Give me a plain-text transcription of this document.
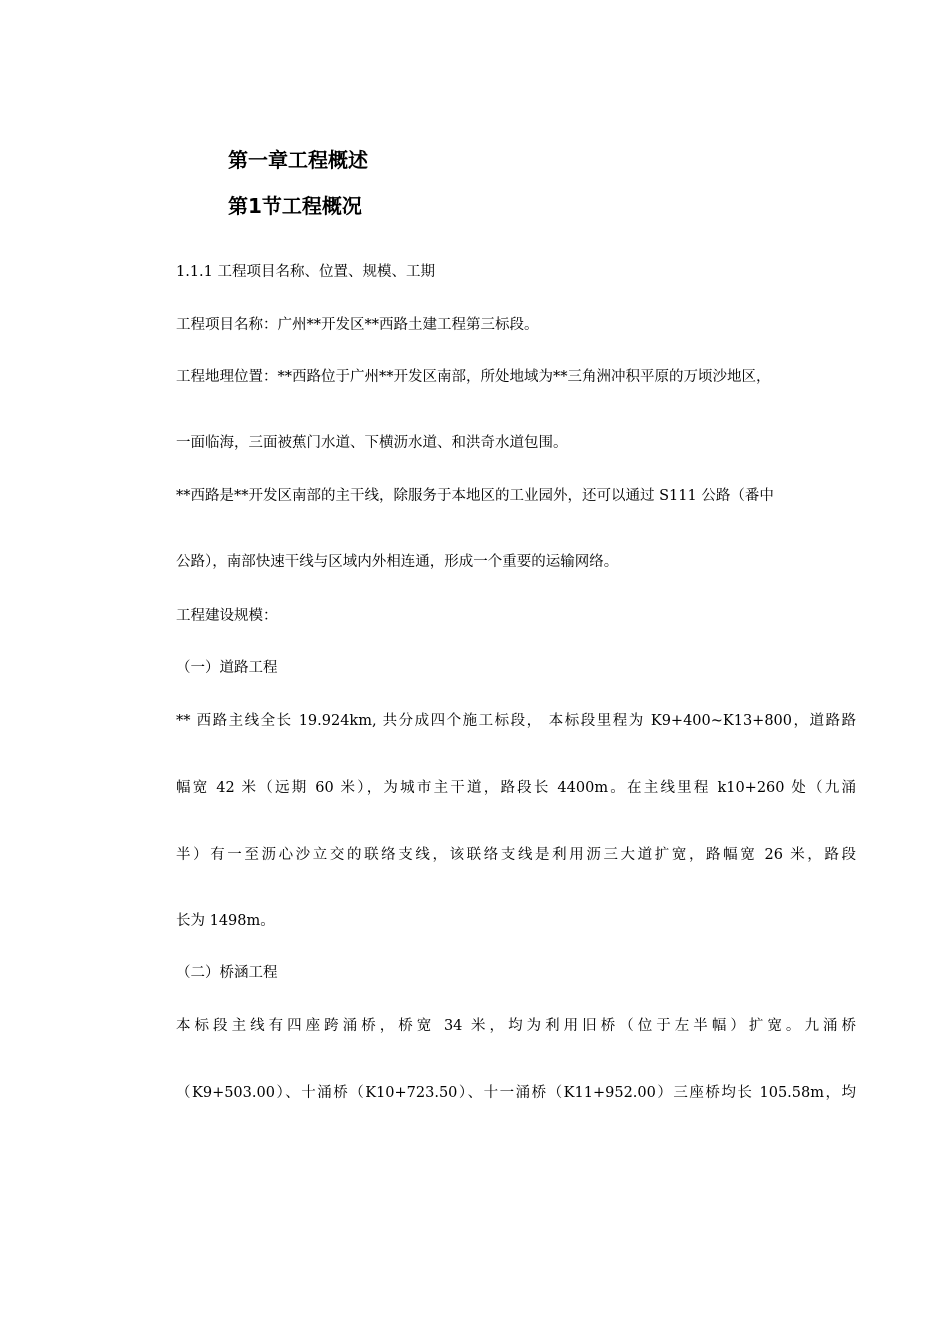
第一章工程概述
第1节工程概况

1.1.1 工程项目名称、位置、规模、工期

工程项目名称：广州**开发区**西路土建工程第三标段。

工程地理位置：**西路位于广州**开发区南部，所处地域为**三角洲冲积平原的万顷沙地区，

一面临海，三面被蕉门水道、下横沥水道、和洪奇水道包围。

**西路是**开发区南部的主干线，除服务于本地区的工业园外，还可以通过 S111 公路（番中

公路），南部快速干线与区域内外相连通，形成一个重要的运输网络。

工程建设规模：

（一）道路工程

** 西路主线全长 19.924km, 共分成四个施工标段， 本标段里程为 K9+400~K13+800，道路路

幅宽 42 米（远期 60 米），为城市主干道，路段长 4400m。在主线里程 k10+260 处（九涌

半）有一至沥心沙立交的联络支线，该联络支线是利用沥三大道扩宽，路幅宽 26 米，路段

长为 1498m。

（二）桥涵工程

本标段主线有四座跨涌桥，桥宽 34 米，均为利用旧桥（位于左半幅）扩宽。九涌桥

（K9+503.00）、十涌桥（K10+723.50）、十一涌桥（K11+952.00）三座桥均长 105.58m，均
